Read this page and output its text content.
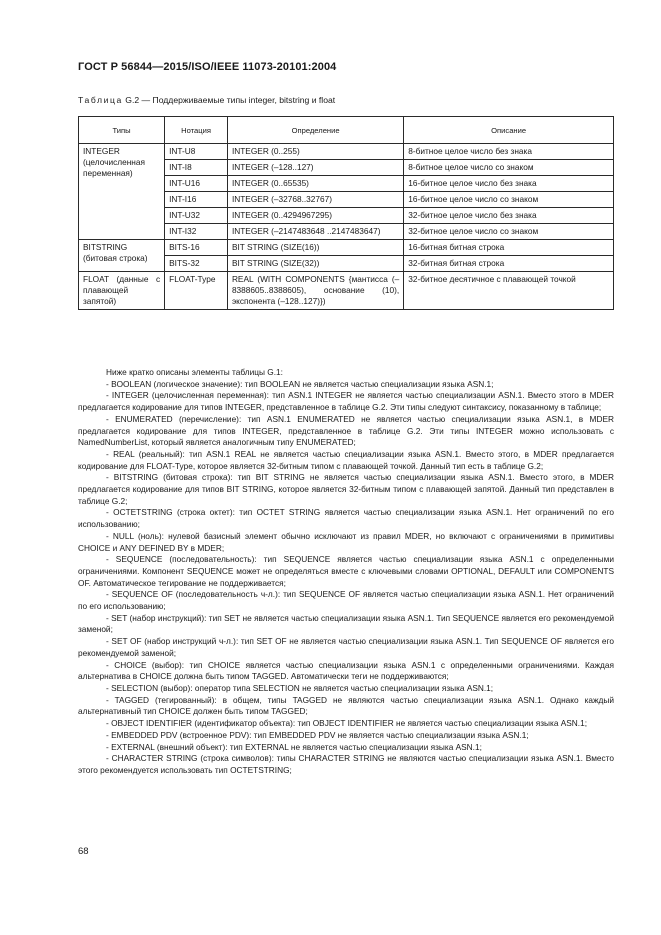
ГОСТ Р 56844—2015/ISO/IEEE 11073-20101:2004
Таблица G.2 — Поддерживаемые типы integer, bitstring и float
Типы	Нотация	Определение	Описание
INTEGER (целочисленная переменная)	INT-U8	INTEGER (0..255)	8-битное целое число без знака
	INT-I8	INTEGER (–128..127)	8-битное целое число со знаком
	INT-U16	INTEGER (0..65535)	16-битное целое число без знака
	INT-I16	INTEGER (–32768..32767)	16-битное целое число со знаком
	INT-U32	INTEGER (0..4294967295)	32-битное целое число без знака
	INT-I32	INTEGER (–2147483648 ..2147483647)	32-битное целое число со знаком
BITSTRING (битовая строка)	BITS-16	BIT STRING (SIZE(16))	16-битная битная строка
	BITS-32	BIT STRING (SIZE(32))	32-битная битная строка
FLOAT (данные с плавающей запятой)	FLOAT-Type	REAL (WITH COMPONENTS {мантисса (–8388605..8388605), основание (10), экспонента (–128..127)})	32-битное десятичное с плавающей точкой

Ниже кратко описаны элементы таблицы G.1:

- BOOLEAN (логическое значение): тип BOOLEAN не является частью специализации языка ASN.1;

- INTEGER (целочисленная переменная): тип ASN.1 INTEGER не является частью специализации ASN.1. Вместо этого в MDER предлагается кодирование для типов INTEGER, представленное в таблице G.2. Эти типы следуют синтаксису, показанному в таблице;

- ENUMERATED (перечисление): тип ASN.1 ENUMERATED не является частью специализации языка ASN.1, в MDER предлагается кодирование для типов INTEGER, представленное в таблице G.2. Эти типы INTEGER можно использовать с NamedNumberList, который является аналогичным типу ENUMERATED;

- REAL (реальный): тип ASN.1 REAL не является частью специализации языка ASN.1. Вместо этого, в MDER предлагается кодирование для FLOAT-Type, которое является 32-битным типом с плавающей точкой. Данный тип есть в таблице G.2;

- BITSTRING (битовая строка): тип BIT STRING не является частью специализации языка ASN.1. Вместо этого, в MDER предлагается кодирование для типов BIT STRING, которое является 32-битным типом с плавающей запятой. Данный тип представлен в таблице G.2;

- OCTETSTRING (строка октет): тип OCTET STRING является частью специализации языка ASN.1. Нет ограничений по его использованию;

- NULL (ноль): нулевой базисный элемент обычно исключают из правил MDER, но включают с ограничениями в примитивы CHOICE и ANY DEFINED BY в MDER;

- SEQUENCE (последовательность): тип SEQUENCE является частью специализации языка ASN.1 с определенными ограничениями. Компонент SEQUENCE может не определяться вместе с ключевыми словами OPTIONAL, DEFAULT или COMPONENTS OF. Автоматическое тегирование не поддерживается;

- SEQUENCE OF (последовательность ч-л.): тип SEQUENCE OF является частью специализации языка ASN.1. Нет ограничений по его использованию;

- SET (набор инструкций): тип SET не является частью специализации языка ASN.1. Тип SEQUENCE является его рекомендуемой заменой;

- SET OF (набор инструкций ч-л.): тип SET OF не является частью специализации языка ASN.1. Тип SEQUENCE OF является его рекомендуемой заменой;

- CHOICE (выбор): тип CHOICE является частью специализации языка ASN.1 с определенными ограничениями. Каждая альтернатива в CHOICE должна быть типом TAGGED. Автоматически теги не поддерживаются;

- SELECTION (выбор): оператор типа SELECTION не является частью специализации языка ASN.1;

- TAGGED (тегированный): в общем, типы TAGGED не являются частью специализации языка ASN.1. Однако каждый альтернативный тип CHOICE должен быть типом TAGGED;

- OBJECT IDENTIFIER (идентификатор объекта): тип OBJECT IDENTIFIER не является частью специализации языка ASN.1;

- EMBEDDED PDV (встроенное PDV): тип EMBEDDED PDV не является частью специализации языка ASN.1;

- EXTERNAL (внешний объект): тип EXTERNAL не является частью специализации языка ASN.1;

- CHARACTER STRING (строка символов): типы CHARACTER STRING не являются частью специализации языка ASN.1. Вместо этого рекомендуется использовать тип OCTETSTRING;

68
